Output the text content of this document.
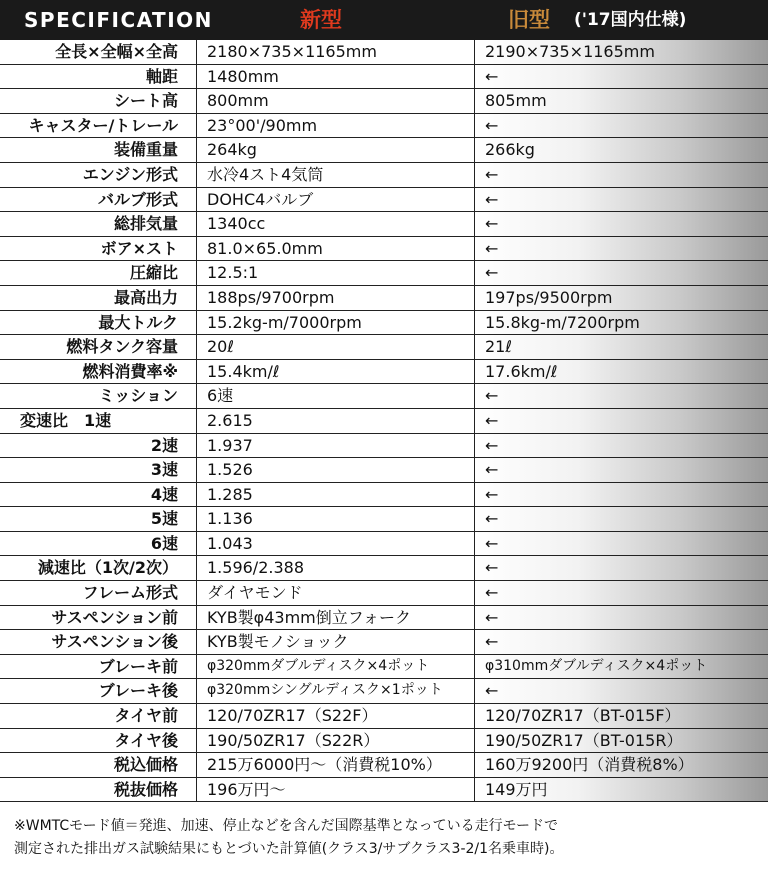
SPECIFICATION	新型	旧型 ('17国内仕様)
全長×全幅×全高	2180×735×1165mm	2190×735×1165mm
軸距	1480mm	←
シート高	800mm	805mm
キャスター/トレール	23°00'/90mm	←
装備重量	264kg	266kg
エンジン形式	水冷4スト4気筒	←
バルブ形式	DOHC4バルブ	←
総排気量	1340cc	←
ボア×スト	81.0×65.0mm	←
圧縮比	12.5:1	←
最高出力	188ps/9700rpm	197ps/9500rpm
最大トルク	15.2kg-m/7000rpm	15.8kg-m/7200rpm
燃料タンク容量	20ℓ	21ℓ
燃料消費率※	15.4km/ℓ	17.6km/ℓ
ミッション	6速	←
変速比　1速	2.615	←
2速	1.937	←
3速	1.526	←
4速	1.285	←
5速	1.136	←
6速	1.043	←
減速比（1次/2次）	1.596/2.388	←
フレーム形式	ダイヤモンド	←
サスペンション前	KYB製φ43mm倒立フォーク	←
サスペンション後	KYB製モノショック	←
ブレーキ前	φ320mmダブルディスク×4ポット	φ310mmダブルディスク×4ポット
ブレーキ後	φ320mmシングルディスク×1ポット	←
タイヤ前	120/70ZR17（S22F）	120/70ZR17（BT-015F）
タイヤ後	190/50ZR17（S22R）	190/50ZR17（BT-015R）
税込価格	215万6000円〜（消費税10%）	160万9200円（消費税8%）
税抜価格	196万円〜	149万円
※WMTCモード値＝発進、加速、停止などを含んだ国際基準となっている走行モードで
測定された排出ガス試験結果にもとづいた計算値(クラス3/サブクラス3-2/1名乗車時)。
